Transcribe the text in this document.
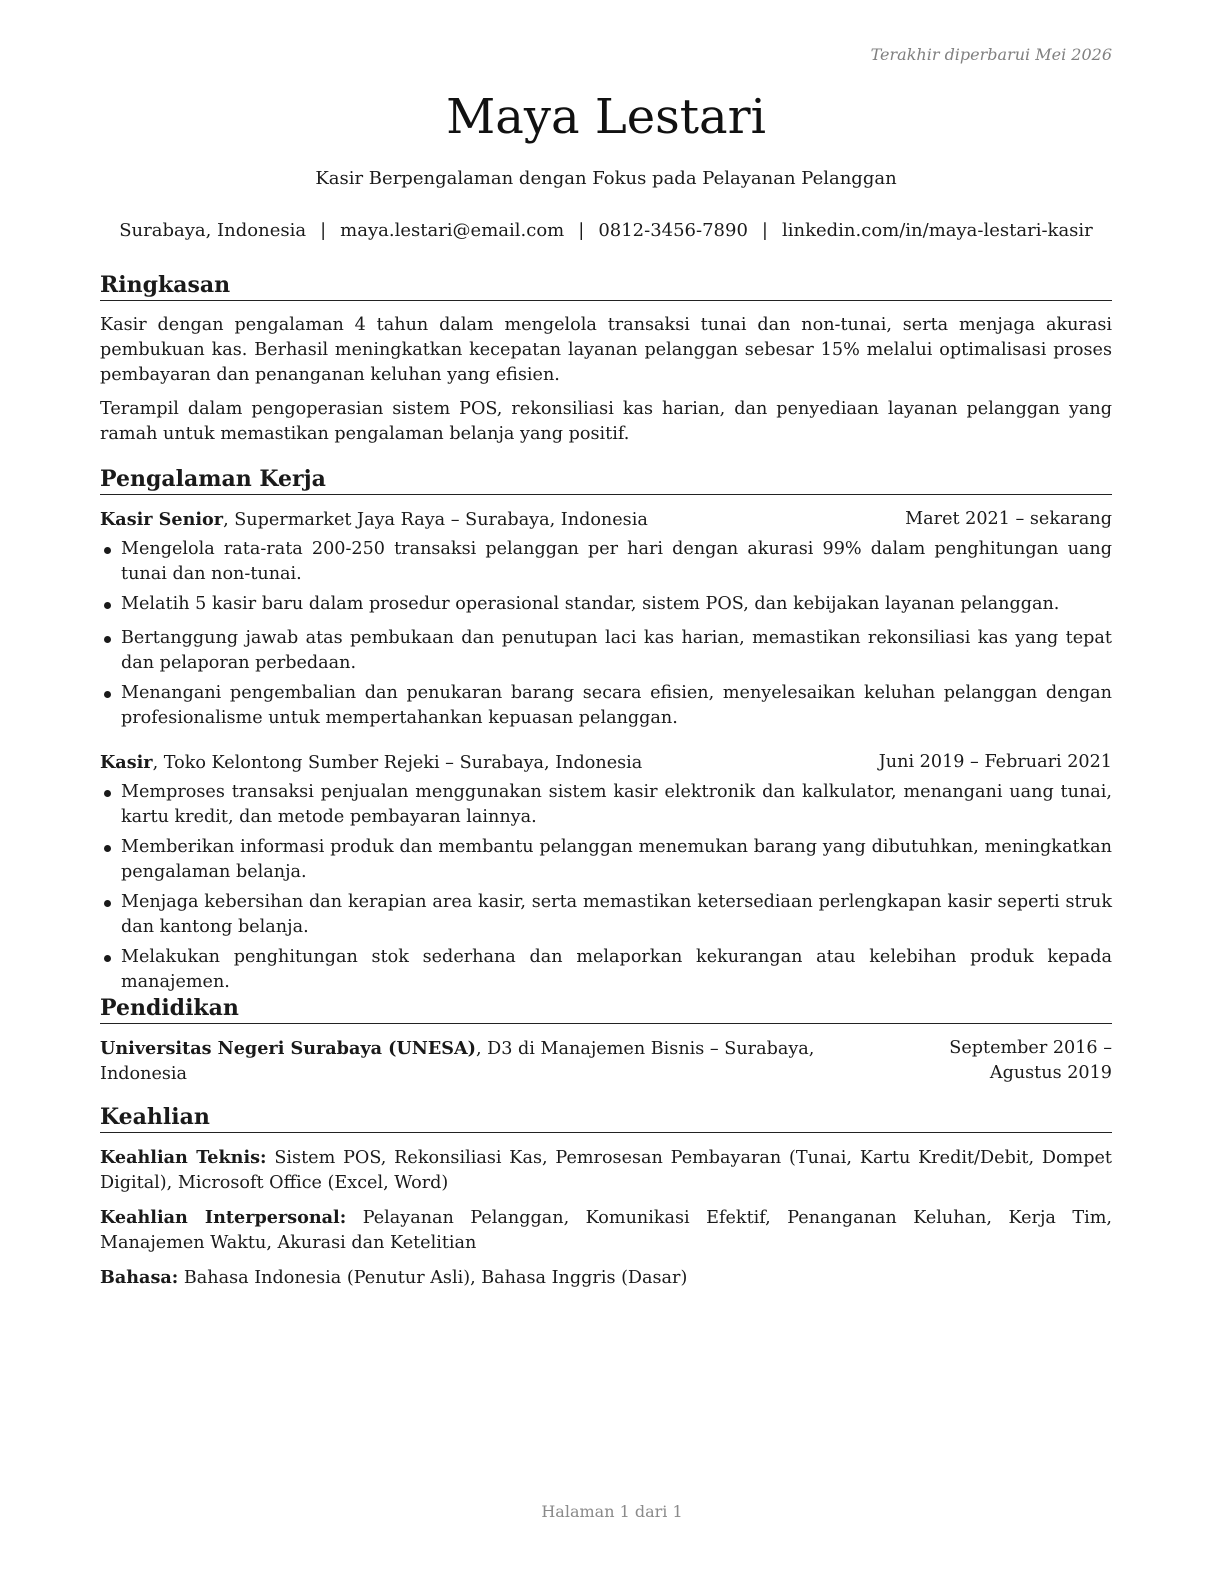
Terakhir diperbarui Mei 2026
Maya Lestari
Kasir Berpengalaman dengan Fokus pada Pelayanan Pelanggan
Surabaya, Indonesia | maya.lestari@email.com | 0812-3456-7890 | linkedin.com/in/maya-lestari-kasir
Ringkasan

Kasir dengan pengalaman 4 tahun dalam mengelola transaksi tunai dan non-tunai, serta menjaga akurasi pembukuan kas. Berhasil meningkatkan kecepatan layanan pelanggan sebesar 15% melalui optimalisasi proses pembayaran dan penanganan keluhan yang efisien.

Terampil dalam pengoperasian sistem POS, rekonsiliasi kas harian, dan penyediaan layanan pelanggan yang ramah untuk memastikan pengalaman belanja yang positif.

Pengalaman Kerja
Kasir Senior, Supermarket Jaya Raya – Surabaya, Indonesia	Maret 2021 – sekarang
Mengelola rata-rata 200-250 transaksi pelanggan per hari dengan akurasi 99% dalam penghitungan uang tunai dan non-tunai.
Melatih 5 kasir baru dalam prosedur operasional standar, sistem POS, dan kebijakan layanan pelanggan.
Bertanggung jawab atas pembukaan dan penutupan laci kas harian, memastikan rekonsiliasi kas yang tepat dan pelaporan perbedaan.
Menangani pengembalian dan penukaran barang secara efisien, menyelesaikan keluhan pelanggan dengan profesionalisme untuk mempertahankan kepuasan pelanggan.
Kasir, Toko Kelontong Sumber Rejeki – Surabaya, Indonesia	Juni 2019 – Februari 2021
Memproses transaksi penjualan menggunakan sistem kasir elektronik dan kalkulator, menangani uang tunai, kartu kredit, dan metode pembayaran lainnya.
Memberikan informasi produk dan membantu pelanggan menemukan barang yang dibutuhkan, meningkatkan pengalaman belanja.
Menjaga kebersihan dan kerapian area kasir, serta memastikan ketersediaan perlengkapan kasir seperti struk dan kantong belanja.
Melakukan penghitungan stok sederhana dan melaporkan kekurangan atau kelebihan produk kepada manajemen.
Pendidikan
Universitas Negeri Surabaya (UNESA), D3 di Manajemen Bisnis – Surabaya, Indonesia
September 2016 – Agustus 2019
Keahlian

Keahlian Teknis: Sistem POS, Rekonsiliasi Kas, Pemrosesan Pembayaran (Tunai, Kartu Kredit/Debit, Dompet Digital), Microsoft Office (Excel, Word)

Keahlian Interpersonal: Pelayanan Pelanggan, Komunikasi Efektif, Penanganan Keluhan, Kerja Tim, Manajemen Waktu, Akurasi dan Ketelitian

Bahasa: Bahasa Indonesia (Penutur Asli), Bahasa Inggris (Dasar)

Halaman 1 dari 1
